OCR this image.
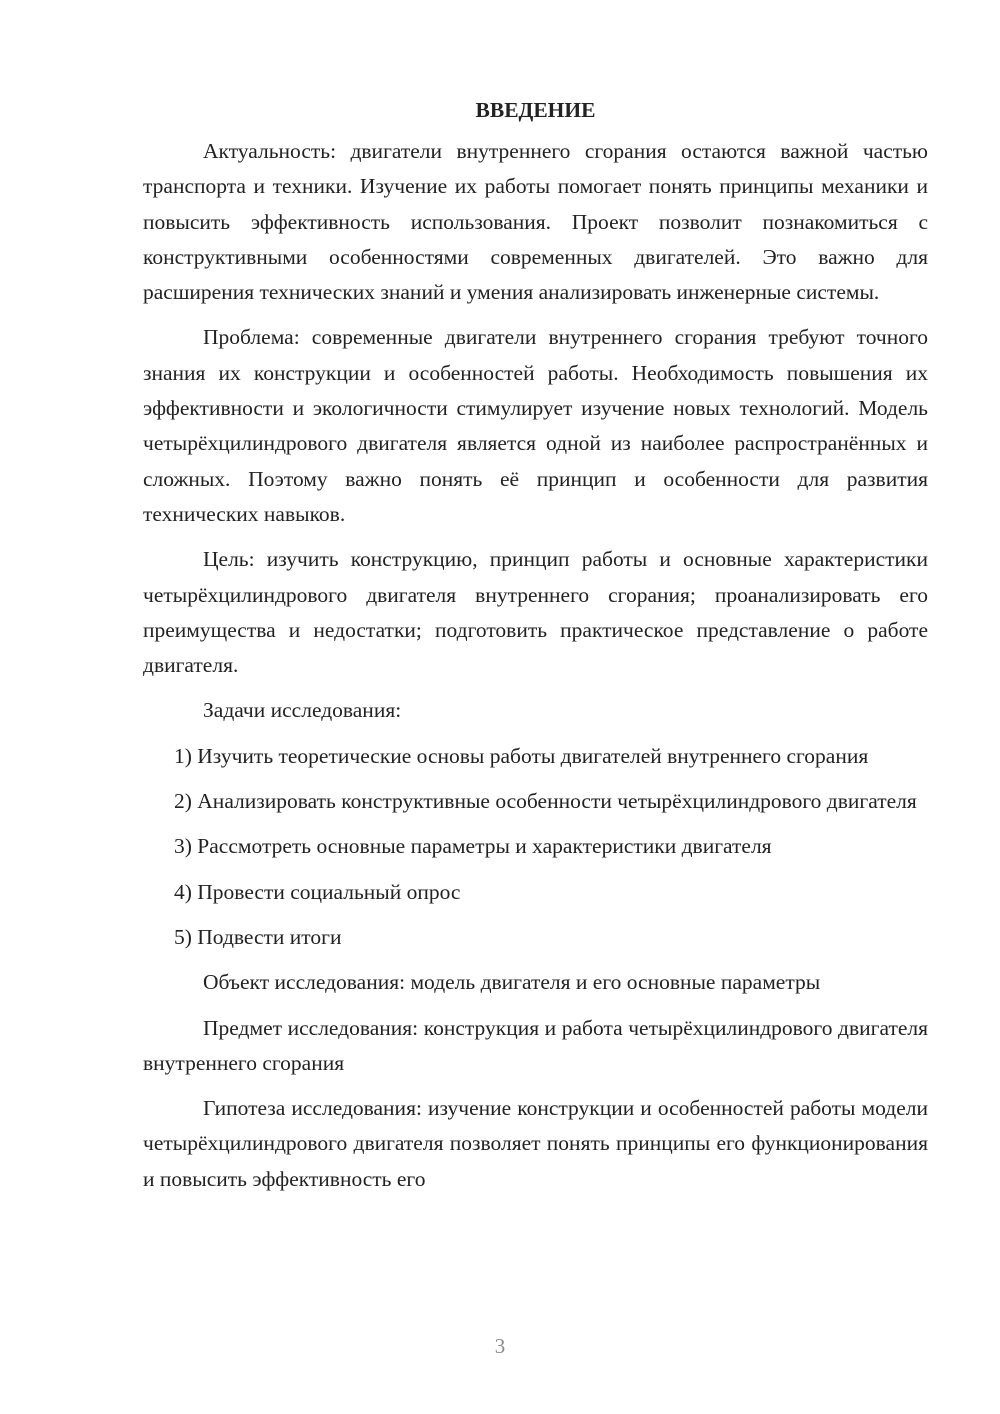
ВВЕДЕНИЕ

Актуальность: двигатели внутреннего сгорания остаются важной частью транспорта и техники. Изучение их работы помогает понять принципы механики и повысить эффективность использования. Проект позволит познакомиться с конструктивными особенностями современных двигателей. Это важно для расширения технических знаний и умения анализировать инженерные системы.

Проблема: современные двигатели внутреннего сгорания требуют точного знания их конструкции и особенностей работы. Необходимость повышения их эффективности и экологичности стимулирует изучение новых технологий. Модель четырёхцилиндрового двигателя является одной из наиболее распространённых и сложных. Поэтому важно понять её принцип и особенности для развития технических навыков.

Цель: изучить конструкцию, принцип работы и основные характеристики четырёхцилиндрового двигателя внутреннего сгорания; проанализировать его преимущества и недостатки; подготовить практическое представление о работе двигателя.

Задачи исследования:

1) Изучить теоретические основы работы двигателей внутреннего сгорания

2) Анализировать конструктивные особенности четырёхцилиндрового двигателя

3) Рассмотреть основные параметры и характеристики двигателя

4) Провести социальный опрос

5) Подвести итоги

Объект исследования: модель двигателя и его основные параметры

Предмет исследования: конструкция и работа четырёхцилиндрового двигателя внутреннего сгорания

Гипотеза исследования: изучение конструкции и особенностей работы модели четырёхцилиндрового двигателя позволяет понять принципы его функционирования и повысить эффективность его

3
